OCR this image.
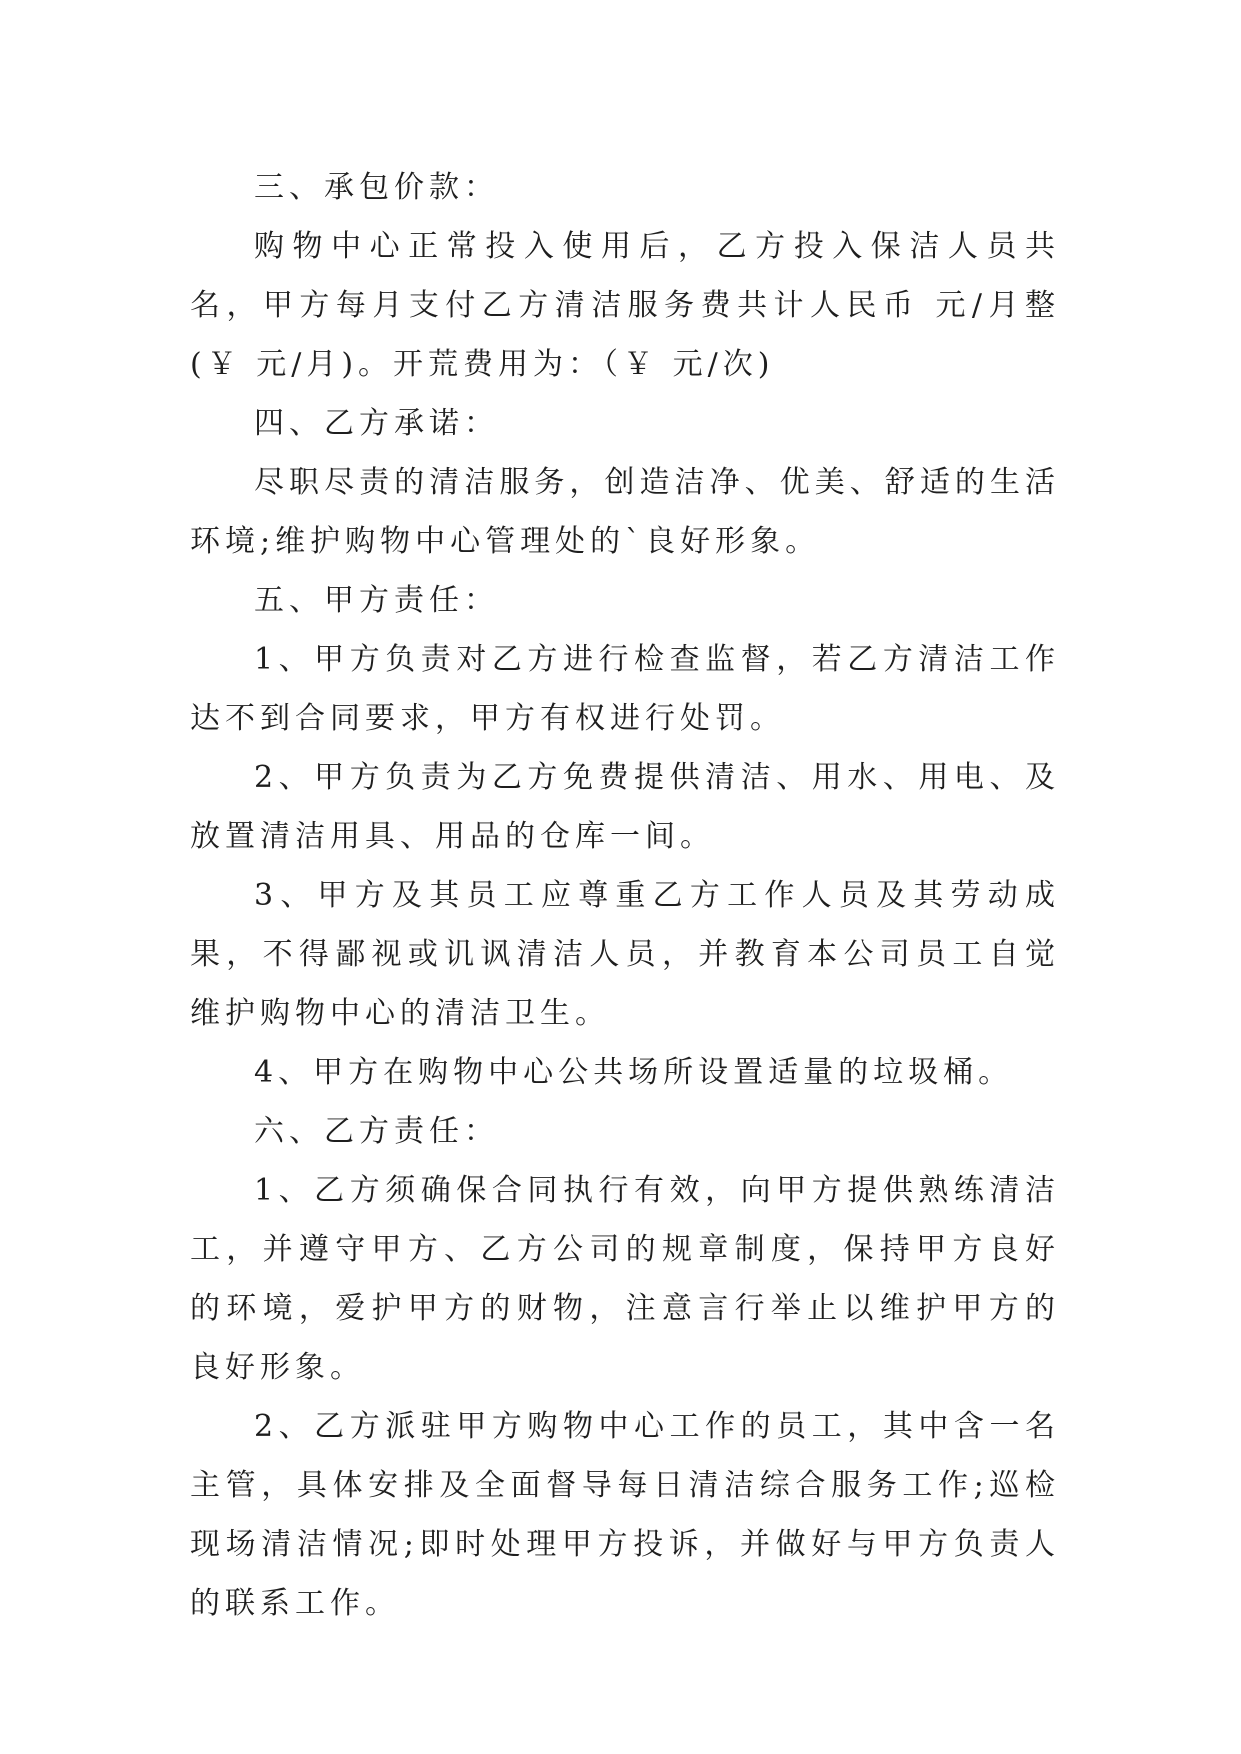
三、承包价款：

购物中心正常投入使用后，乙方投入保洁人员共 名，甲方每月支付乙方清洁服务费共计人民币 元/月整(￥ 元/月)。开荒费用为：（￥ 元/次)

四、乙方承诺：

尽职尽责的清洁服务，创造洁净、优美、舒适的生活环境;维护购物中心管理处的`良好形象。

五、甲方责任：

1、甲方负责对乙方进行检查监督，若乙方清洁工作达不到合同要求，甲方有权进行处罚。

2、甲方负责为乙方免费提供清洁、用水、用电、及放置清洁用具、用品的仓库一间。

3、甲方及其员工应尊重乙方工作人员及其劳动成果，不得鄙视或讥讽清洁人员，并教育本公司员工自觉维护购物中心的清洁卫生。

4、甲方在购物中心公共场所设置适量的垃圾桶。

六、乙方责任：

1、乙方须确保合同执行有效，向甲方提供熟练清洁工，并遵守甲方、乙方公司的规章制度，保持甲方良好的环境，爱护甲方的财物，注意言行举止以维护甲方的良好形象。

2、乙方派驻甲方购物中心工作的员工，其中含一名主管，具体安排及全面督导每日清洁综合服务工作;巡检现场清洁情况;即时处理甲方投诉，并做好与甲方负责人的联系工作。
